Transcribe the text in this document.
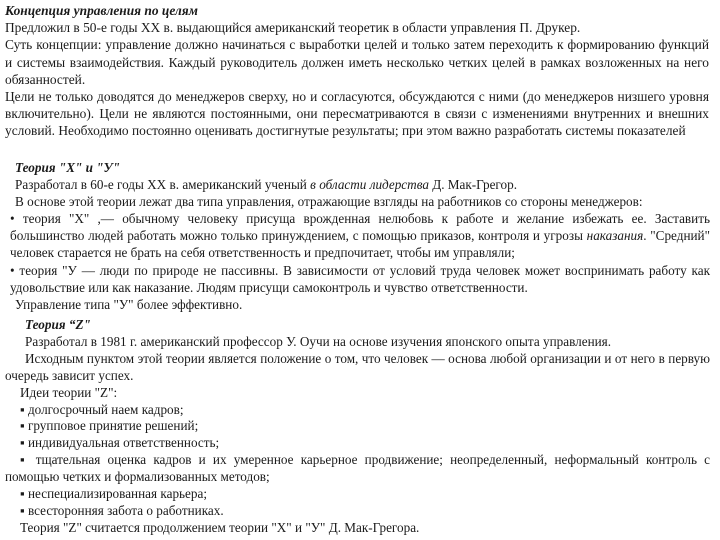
Концепция управления по целям

Предложил в 50-е годы XX в. выдающийся американский теоретик в области управления П. Друкер.

Суть концепции: управление должно начинаться с выработки целей и только затем переходить к формированию функций и системы взаимодействия. Каждый руководитель должен иметь несколько четких целей в рамках возложенных на него обязанностей.

Цели не только доводятся до менеджеров сверху, но и согласуются, обсуждаются с ними (до менеджеров низшего уровня включительно). Цели не являются постоянными, они пересматриваются в связи с изменениями внутренних и внешних условий. Необходимо постоянно оценивать достигнутые результаты; при этом важно разработать системы показателей

Теория "X" и "У"

Разработал в 60-е годы XX в. американский ученый в области лидерства Д. Мак-Грегор.

В основе этой теории лежат два типа управления, отражающие взгляды на работников со стороны менеджеров:

• теория "X" ,— обычному человеку присуща врожденная нелюбовь к работе и желание избежать ее. Заставить большинство людей работать можно только принуждением, с помощью приказов, контроля и угрозы наказания. "Средний" человек старается не брать на себя ответственность и предпочитает, чтобы им управляли;

• теория "У — люди по природе не пассивны. В зависимости от условий труда человек может воспринимать работу как удовольствие или как наказание. Людям присущи самоконтроль и чувство ответственности.

Управление типа "У" более эффективно.

Теория “Z"

Разработал в 1981 г. американский профессор У. Оучи на основе изучения японского опыта управления.

Исходным пунктом этой теории является положение о том, что человек — основа любой организации и от него в первую очередь зависит успех.

Идеи теории "Z":

▪ долгосрочный наем кадров;

▪ групповое принятие решений;

▪ индивидуальная ответственность;

▪ тщательная оценка кадров и их умеренное карьерное продвижение; неопределенный, неформальный контроль с помощью четких и формализованных методов;

▪ неспециализированная карьера;

▪ всесторонняя забота о работниках.

Теория "Z" считается продолжением теории "X" и "У" Д. Мак-Грегора.
